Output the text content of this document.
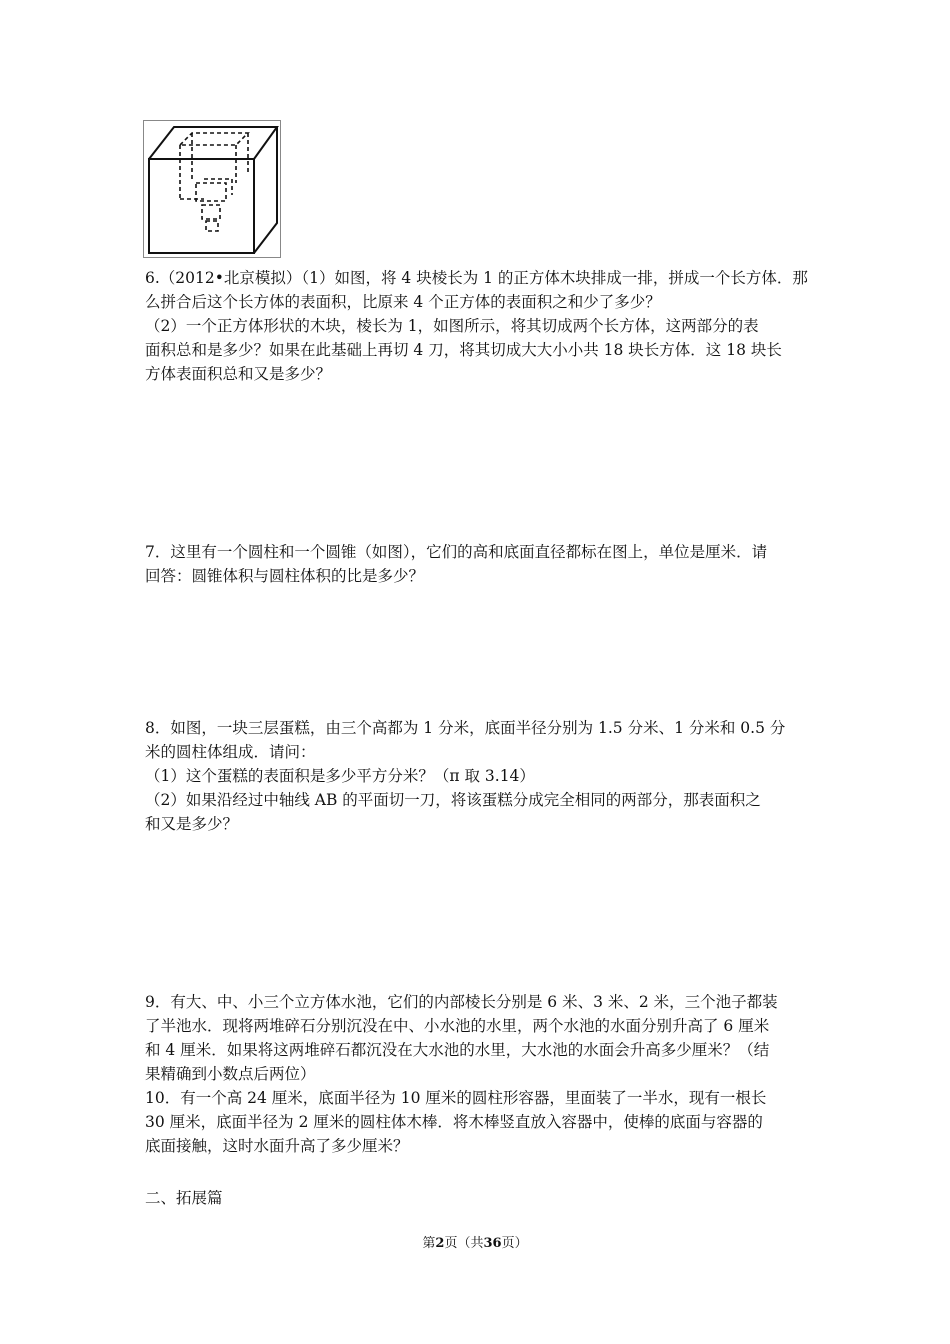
6.（2012•北京模拟）（1）如图，将 4 块棱长为 1 的正方体木块排成一排，拼成一个长方体．那
么拼合后这个长方体的表面积，比原来 4 个正方体的表面积之和少了多少？
（2）一个正方体形状的木块，棱长为 1，如图所示，将其切成两个长方体，这两部分的表
面积总和是多少？如果在此基础上再切 4 刀，将其切成大大小小共 18 块长方体．这 18 块长
方体表面积总和又是多少？
7．这里有一个圆柱和一个圆锥（如图），它们的高和底面直径都标在图上，单位是厘米．请
回答：圆锥体积与圆柱体积的比是多少？
8．如图，一块三层蛋糕，由三个高都为 1 分米，底面半径分别为 1.5 分米、1 分米和 0.5 分
米的圆柱体组成．请问：
（1）这个蛋糕的表面积是多少平方分米？（π 取 3.14）
（2）如果沿经过中轴线 AB 的平面切一刀，将该蛋糕分成完全相同的两部分，那表面积之
和又是多少？
9．有大、中、小三个立方体水池，它们的内部棱长分别是 6 米、3 米、2 米，三个池子都装
了半池水．现将两堆碎石分别沉没在中、小水池的水里，两个水池的水面分别升高了 6 厘米
和 4 厘米．如果将这两堆碎石都沉没在大水池的水里，大水池的水面会升高多少厘米？（结
果精确到小数点后两位）
10．有一个高 24 厘米，底面半径为 10 厘米的圆柱形容器，里面装了一半水，现有一根长
30 厘米，底面半径为 2 厘米的圆柱体木棒．将木棒竖直放入容器中，使棒的底面与容器的
底面接触，这时水面升高了多少厘米？
二、拓展篇
第2页（共36页）
